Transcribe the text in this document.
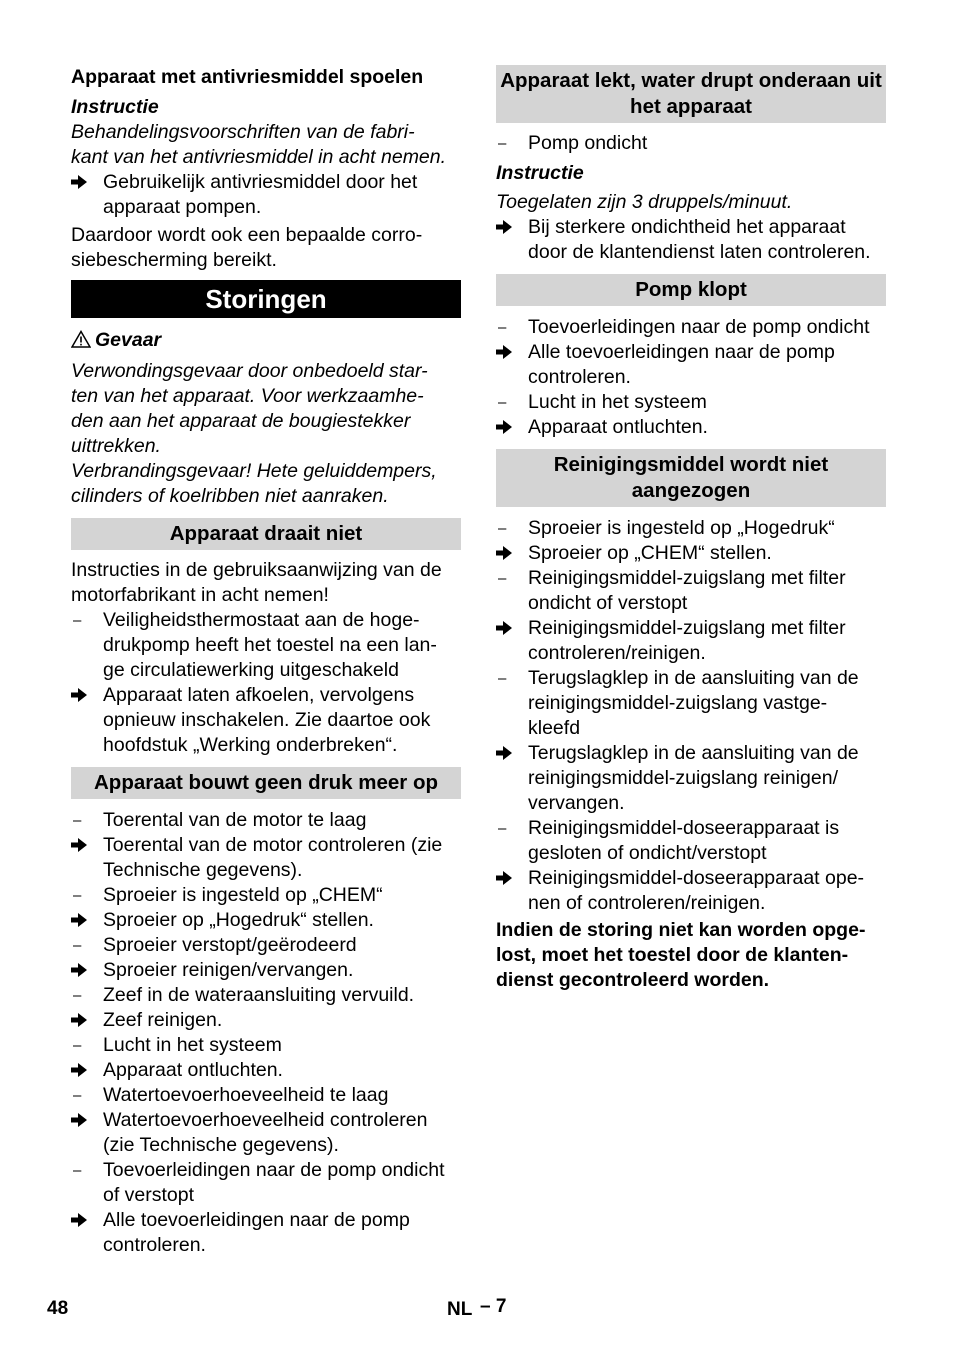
Apparaat met antivriesmiddel spoelen

Instructie

Behandelingsvoorschriften van de fabri-
kant van het antivriesmiddel in acht nemen.

Gebruikelijk antivriesmiddel door het apparaat pompen.

Daardoor wordt ook een bepaalde corro-
siebescherming bereikt.

Storingen

Gevaar

Verwondingsgevaar door onbedoeld star-
ten van het apparaat. Voor werkzaamhe-
den aan het apparaat de bougiestekker
uittrekken.

Verbrandingsgevaar! Hete geluiddempers,
cilinders of koelribben niet aanraken.

Apparaat draait niet

Instructies in de gebruiksaanwijzing van de motorfabrikant in acht nemen!

–	Veiligheidsthermostaat aan de hoge-
drukpomp heeft het toestel na een lan-
ge circulatiewerking uitgeschakeld
Apparaat laten afkoelen, vervolgens opnieuw inschakelen. Zie daartoe ook hoofdstuk „Werking onderbreken“.
Apparaat bouwt geen druk meer op
–	Toerental van de motor te laag
Toerental van de motor controleren (zie Technische gegevens).
–	Sproeier is ingesteld op „CHEM“
Sproeier op „Hogedruk“ stellen.
–	Sproeier verstopt/geërodeerd
Sproeier reinigen/vervangen.
–	Zeef in de wateraansluiting vervuild.
Zeef reinigen.
–	Lucht in het systeem
Apparaat ontluchten.
–	Watertoevoerhoeveelheid te laag
Watertoevoerhoeveelheid controleren (zie Technische gegevens).
–	Toevoerleidingen naar de pomp ondicht of verstopt
Alle toevoerleidingen naar de pomp controleren.
Apparaat lekt, water drupt onderaan uit het apparaat
–	Pomp ondicht

Instructie

Toegelaten zijn 3 druppels/minuut.

Bij sterkere ondichtheid het apparaat door de klantendienst laten controleren.
Pomp klopt
–	Toevoerleidingen naar de pomp ondicht
Alle toevoerleidingen naar de pomp controleren.
–	Lucht in het systeem
Apparaat ontluchten.
Reinigingsmiddel wordt niet aangezogen
–	Sproeier is ingesteld op „Hogedruk“
Sproeier op „CHEM“ stellen.
–	Reinigingsmiddel-zuigslang met filter ondicht of verstopt
Reinigingsmiddel-zuigslang met filter controleren/reinigen.
–	Terugslagklep in de aansluiting van de reinigingsmiddel-zuigslang vastge-
kleefd
Terugslagklep in de aansluiting van de reinigingsmiddel-zuigslang reinigen/
vervangen.
–	Reinigingsmiddel-doseerapparaat is gesloten of ondicht/verstopt
Reinigingsmiddel-doseerapparaat ope-
nen of controleren/reinigen.

Indien de storing niet kan worden opge-
lost, moet het toestel door de klanten-
dienst gecontroleerd worden.

48	NL – 7
